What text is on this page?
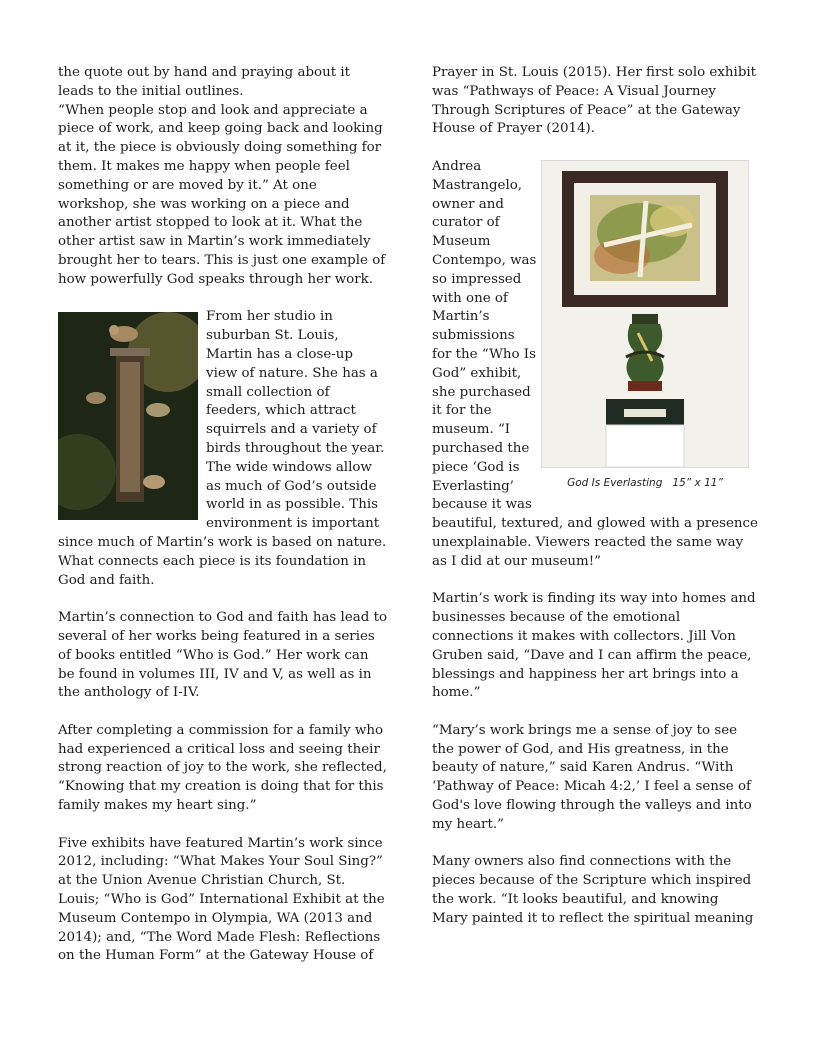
the quote out by hand and praying about it leads to the initial outlines.

“When people stop and look and appreciate a piece of work, and keep going back and looking at it, the piece is obviously doing something for them. It makes me happy when people feel something or are moved by it.” At one workshop, she was working on a piece and another artist stopped to look at it. What the other artist saw in Martin’s work immediately brought her to tears. This is just one example of how powerfully God speaks through her work.

From her studio in suburban St. Louis, Martin has a close-up view of nature. She has a small collection of feeders, which attract squirrels and a variety of birds throughout the year. The wide windows allow as much of God’s outside world in as possible. This environment is important since much of Martin’s work is based on nature. What connects each piece is its foundation in God and faith.

Martin’s connection to God and faith has lead to several of her works being featured in a series of books entitled “Who is God.” Her work can be found in volumes III, IV and V, as well as in the anthology of I-IV.

After completing a commission for a family who had experienced a critical loss and seeing their strong reaction of joy to the work, she reflected, “Knowing that my creation is doing that for this family makes my heart sing.”

Five exhibits have featured Martin’s work since 2012, including: “What Makes Your Soul Sing?” at the Union Avenue Christian Church, St. Louis; “Who is God” International Exhibit at the Museum Contempo in Olympia, WA (2013 and 2014); and, “The Word Made Flesh: Reflections on the Human Form” at the Gateway House of

Prayer in St. Louis (2015). Her first solo exhibit was “Pathways of Peace: A Visual Journey Through Scriptures of Peace” at the Gateway House of Prayer (2014).

God Is Everlasting   15” x 11”
Andrea Mastrangelo, owner and curator of Museum Contempo, was so impressed with one of Martin’s submissions for the “Who Is God” exhibit, she purchased it for the museum. “I purchased the piece ‘God is Everlasting’ because it was beautiful, textured, and glowed with a presence unexplainable. Viewers reacted the same way as I did at our museum!”

Martin’s work is finding its way into homes and businesses because of the emotional connections it makes with collectors. Jill Von Gruben said, “Dave and I can affirm the peace, blessings and happiness her art brings into a home.”

“Mary’s work brings me a sense of joy to see the power of God, and His greatness, in the beauty of nature,” said Karen Andrus. “With ‘Pathway of Peace: Micah 4:2,’ I feel a sense of God's love flowing through the valleys and into my heart.”

Many owners also find connections with the pieces because of the Scripture which inspired the work. “It looks beautiful, and knowing Mary painted it to reflect the spiritual meaning
